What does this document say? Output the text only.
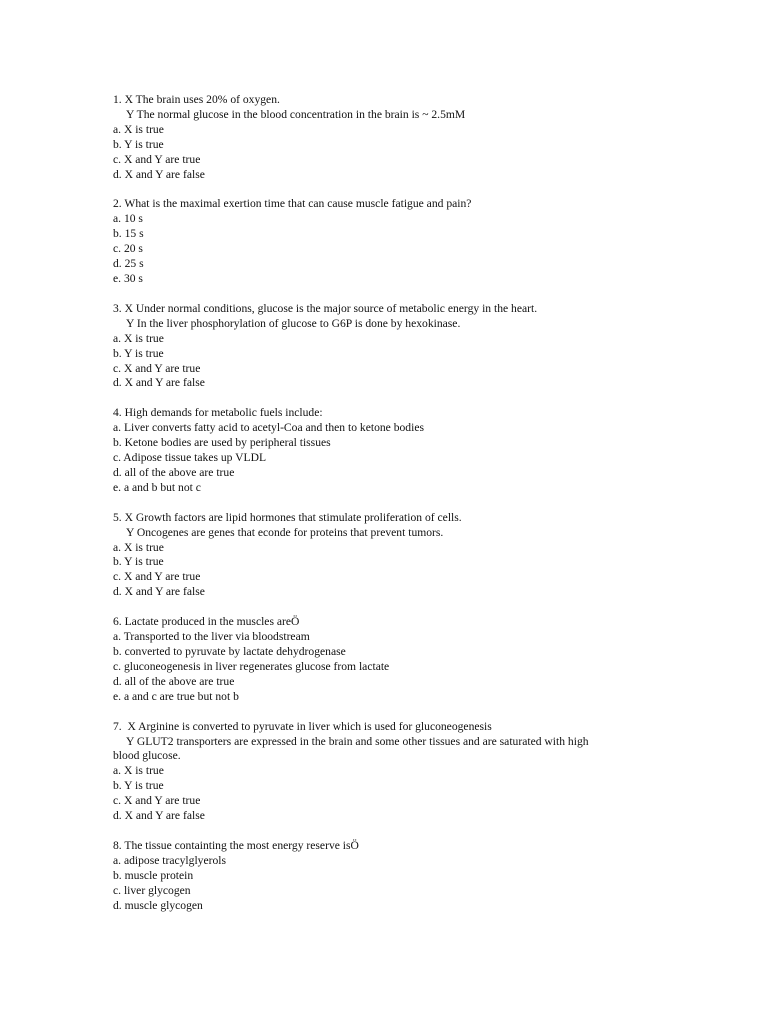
1. X The brain uses 20% of oxygen.

Y The normal glucose in the blood concentration in the brain is ~ 2.5mM

a. X is true

b. Y is true

c. X and Y are true

d. X and Y are false

2. What is the maximal exertion time that can cause muscle fatigue and pain?

a. 10 s

b. 15 s

c. 20 s

d. 25 s

e. 30 s

3. X Under normal conditions, glucose is the major source of metabolic energy in the heart.

Y In the liver phosphorylation of glucose to G6P is done by hexokinase.

a. X is true

b. Y is true

c. X and Y are true

d. X and Y are false

4. High demands for metabolic fuels include:

a. Liver converts fatty acid to acetyl-Coa and then to ketone bodies

b. Ketone bodies are used by peripheral tissues

c. Adipose tissue takes up VLDL

d. all of the above are true

e. a and b but not c

5. X Growth factors are lipid hormones that stimulate proliferation of cells.

Y Oncogenes are genes that econde for proteins that prevent tumors.

a. X is true

b. Y is true

c. X and Y are true

d. X and Y are false

6. Lactate produced in the muscles areÖ

a. Transported to the liver via bloodstream

b. converted to pyruvate by lactate dehydrogenase

c. gluconeogenesis in liver regenerates glucose from lactate

d. all of the above are true

e. a and c are true but not b

7.  X Arginine is converted to pyruvate in liver which is used for gluconeogenesis

Y GLUT2 transporters are expressed in the brain and some other tissues and are saturated with high

blood glucose.

a. X is true

b. Y is true

c. X and Y are true

d. X and Y are false

8. The tissue containting the most energy reserve isÖ

a. adipose tracylglyerols

b. muscle protein

c. liver glycogen

d. muscle glycogen
